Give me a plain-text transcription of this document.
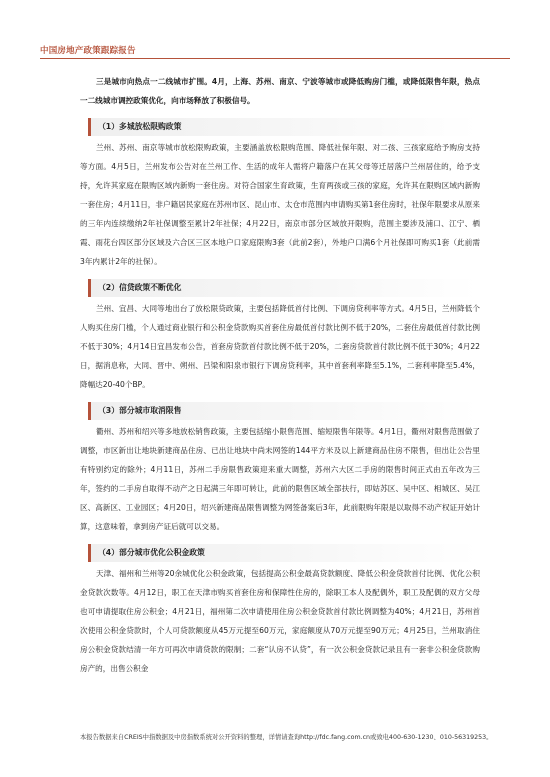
中国房地产政策跟踪报告

三是城市向热点一二线城市扩围。4月，上海、苏州、南京、宁波等城市或降低购房门槛，或降低限售年限，热点一二线城市调控政策优化，向市场释放了积极信号。

（1）多城放松限购政策

兰州、苏州、南京等城市放松限购政策，主要涵盖放松限购范围、降低社保年限、对二孩、三孩家庭给予购房支持等方面。4月5日，兰州发布公告对在兰州工作、生活的成年人需将户籍落户在其父母等迁居落户兰州居住的，给予支持，允许其家庭在限购区域内新购一套住房。对符合国家生育政策，生育两孩或三孩的家庭，允许其在限购区域内新购一套住房；4月11日，非户籍居民家庭在苏州市区、昆山市、太仓市范围内申请购买第1套住房时，社保年限要求从原来的三年内连续缴纳2年社保调整至累计2年社保；4月22日，南京市部分区域放开限购，范围主要涉及浦口、江宁、栖霞、雨花台四区部分区域及六合区三区本地户口家庭限购3套（此前2套），外地户口满6个月社保即可购买1套（此前需3年内累计2年的社保）。

（2）信贷政策不断优化

兰州、宜昌、大同等地出台了放松限贷政策，主要包括降低首付比例、下调房贷利率等方式。4月5日，兰州降低个人购买住房门槛，个人通过商业银行和公积金贷款购买首套住房最低首付款比例不低于20%，二套住房最低首付款比例不低于30%；4月14日宜昌发布公告，首套房贷款首付款比例不低于20%，二套房贷款首付款比例不低于30%；4月22日，据消息称，大同、晋中、朔州、吕梁和阳泉市银行下调房贷利率，其中首套利率降至5.1%，二套利率降至5.4%，降幅达20-40个BP。

（3）部分城市取消限售

衢州、苏州和绍兴等多地放松销售政策，主要包括缩小限售范围、缩短限售年限等。4月1日，衢州对限售范围做了调整，市区新出让地块新建商品住房、已出让地块中尚未网签的144平方米及以上新建商品住房不限售，但出让公告里有特别约定的除外；4月11日，苏州二手房限售政策迎来重大调整，苏州六大区二手房的限售时间正式由五年改为三年，签约的二手房自取得不动产之日起满三年即可转让，此前的限售区域全部扶行，即姑苏区、吴中区、相城区、吴江区、高新区、工业园区；4月20日，绍兴新建商品限售调整为网签备案后3年，此前限购年限是以取得不动产权证开始计算，这意味着，拿到房产证后就可以交易。

（4）部分城市优化公积金政策

天津、福州和兰州等20余城优化公积金政策，包括提高公积金最高贷款额度、降低公积金贷款首付比例、优化公积金贷款次数等。4月12日，职工在天津市购买首套住房和保障性住房的，除职工本人及配偶外，职工及配偶的双方父母也可申请提取住房公积金；4月21日，福州第二次申请使用住房公积金贷款首付款比例调整为40%；4月21日，苏州首次使用公积金贷款时，个人可贷款额度从45万元提至60万元，家庭额度从70万元提至90万元；4月25日，兰州取消住房公积金贷款结清一年方可再次申请贷款的限制；二套“认房不认贷”，有一次公积金贷款记录且有一套非公积金贷款购房产的，出售公积金

本报告数据来自CREIS中指数据及中房指数系统对公开资料的整理，详情请查询http://fdc.fang.com.cn或致电400-630-1230、010-56319253。
